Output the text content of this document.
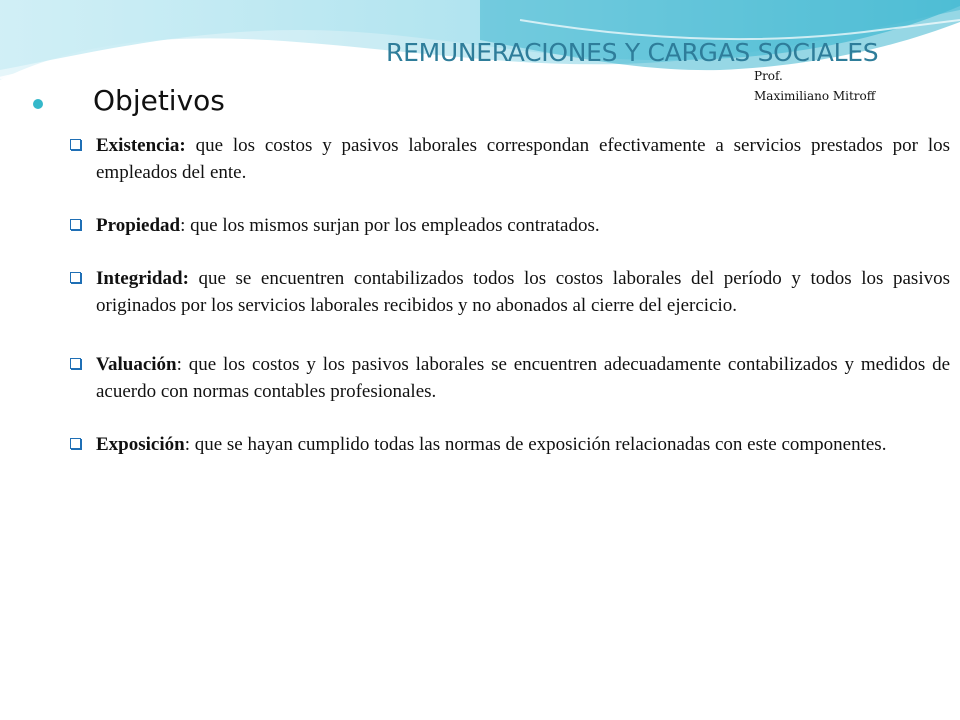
REMUNERACIONES Y CARGAS SOCIALES
Prof.
Maximiliano Mitroff
Objetivos
Existencia: que los costos y pasivos laborales correspondan efectivamente a servicios prestados por los empleados del ente.
Propiedad: que los mismos surjan por los empleados contratados.
Integridad: que se encuentren contabilizados todos los costos laborales del período y todos los pasivos originados por los servicios laborales recibidos y no abonados al cierre del ejercicio.
Valuación: que los costos y los pasivos laborales se encuentren adecuadamente contabilizados y medidos de acuerdo con normas contables profesionales.
Exposición: que se hayan cumplido todas las normas de exposición relacionadas con este componentes.
